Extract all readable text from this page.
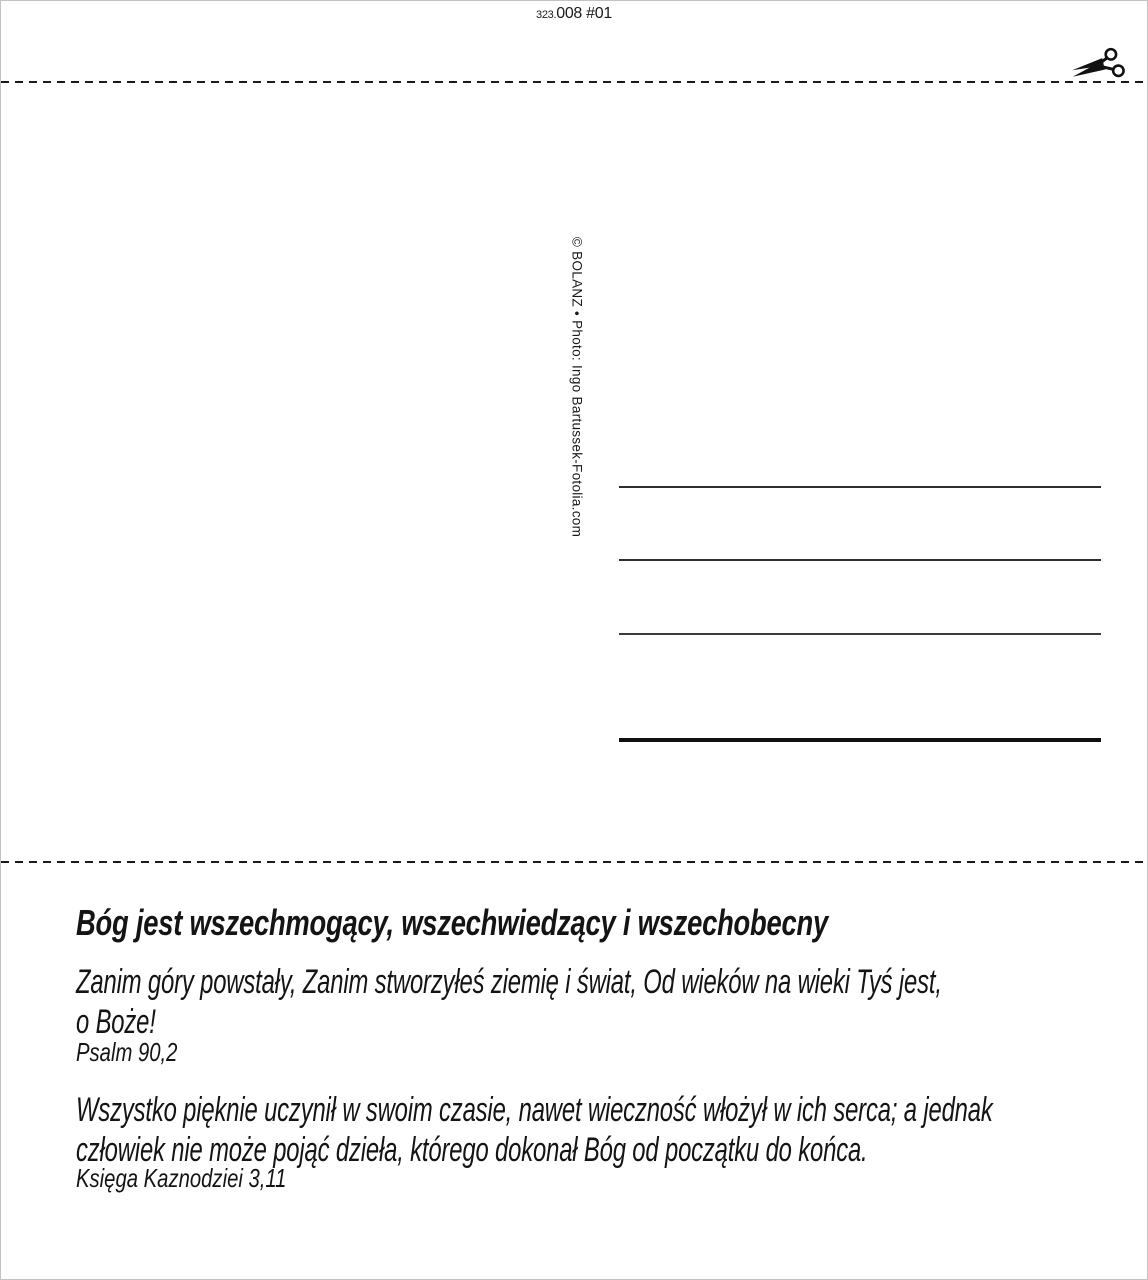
323.008 #01
© BOLANZ • Photo: Ingo Bartussek-Fotolia.com
Bóg jest wszechmogący, wszechwiedzący i wszechobecny
Zanim góry powstały, Zanim stworzyłeś ziemię i świat, Od wieków na wieki Tyś jest,
o Boże!
Psalm 90,2
Wszystko pięknie uczynił w swoim czasie, nawet wieczność włożył w ich serca; a jednak
człowiek nie może pojąć dzieła, którego dokonał Bóg od początku do końca.
Księga Kaznodziei 3,11
